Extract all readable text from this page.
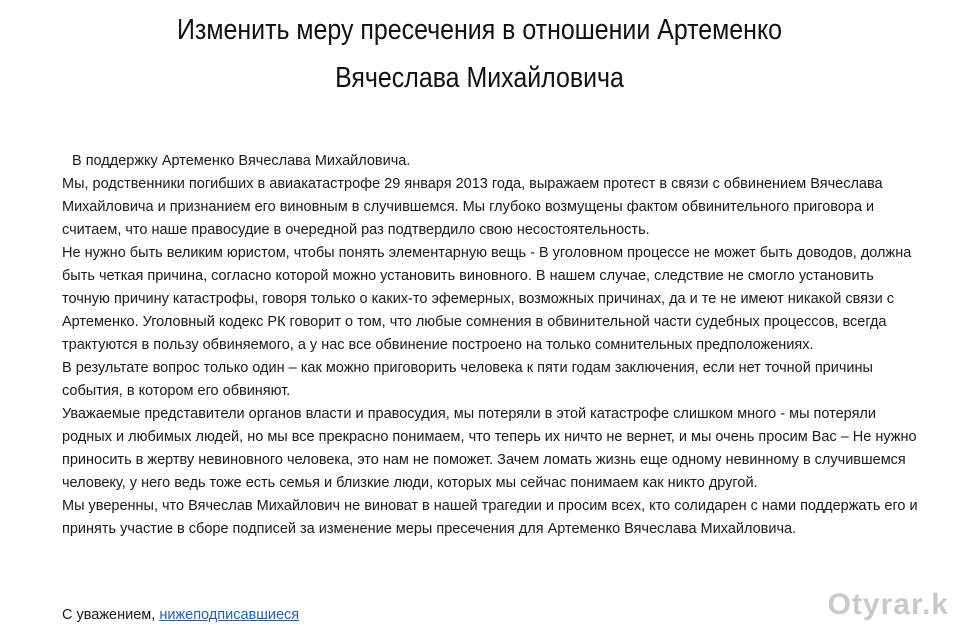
Изменить меру пресечения в отношении Артеменко Вячеслава Михайловича

В поддержку Артеменко Вячеслава Михайловича.

Мы, родственники погибших в авиакатастрофе 29 января 2013 года, выражаем протест в связи с обвинением Вячеслава Михайловича и признанием его виновным в случившемся. Мы глубоко возмущены фактом обвинительного приговора и считаем, что наше правосудие в очередной раз подтвердило свою несостоятельность.

Не нужно быть великим юристом, чтобы понять элементарную вещь - В уголовном процессе не может быть доводов, должна быть четкая причина, согласно которой можно установить виновного. В нашем случае, следствие не смогло установить точную причину катастрофы, говоря только о каких-то эфемерных, возможных причинах, да и те не имеют никакой связи с Артеменко. Уголовный кодекс РК говорит о том, что любые сомнения в обвинительной части судебных процессов, всегда трактуются в пользу обвиняемого, а у нас все обвинение построено на только сомнительных предположениях.

В результате вопрос только один – как можно приговорить человека к пяти годам заключения, если нет точной причины события, в котором его обвиняют.

Уважаемые представители органов власти и правосудия, мы потеряли в этой катастрофе слишком много - мы потеряли родных и любимых людей, но мы все прекрасно понимаем, что теперь их ничто не вернет, и мы очень просим Вас – Не нужно приносить в жертву невиновного человека, это нам не поможет. Зачем ломать жизнь еще одному невинному в случившемся человеку, у него ведь тоже есть семья и близкие люди, которых мы сейчас понимаем как никто другой.

Мы уверенны, что Вячеслав Михайлович не виноват в нашей трагедии и просим всех, кто солидарен с нами поддержать его и принять участие в сборе подписей за изменение меры пресечения для Артеменко Вячеслава Михайловича.

С уважением, нижеподписавшиеся	Otyrar.k
